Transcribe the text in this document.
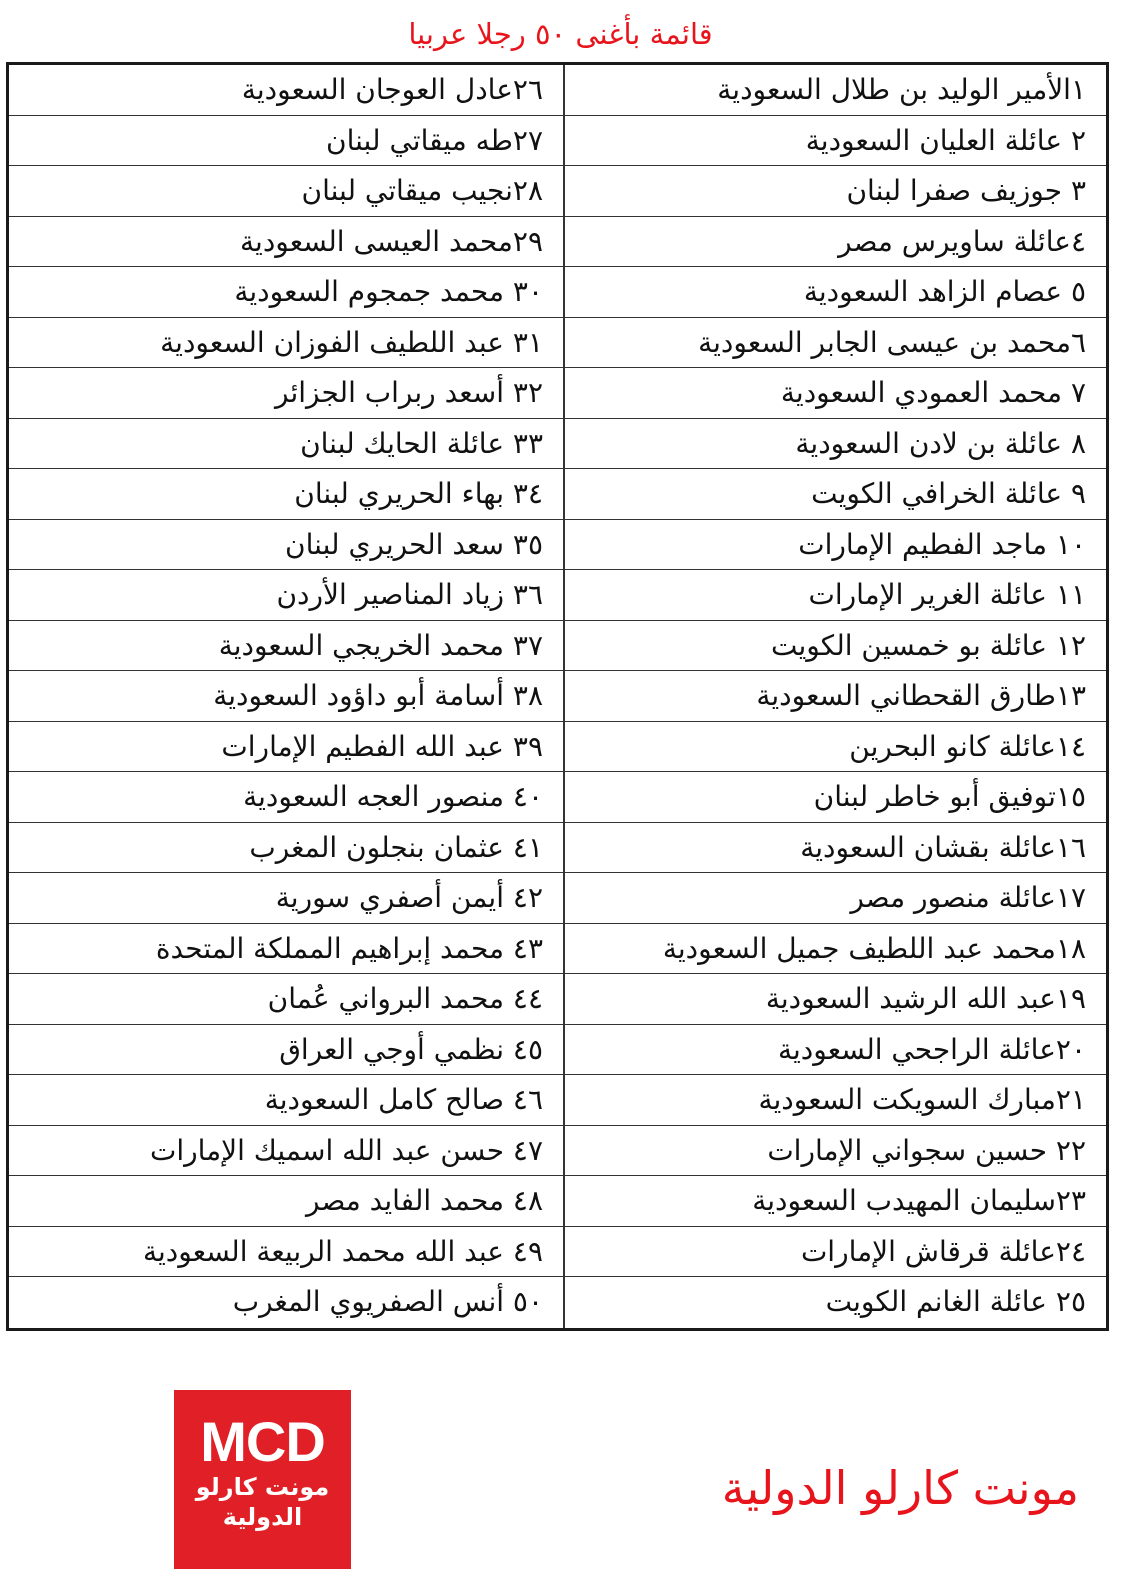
قائمة بأغنى ٥٠ رجلا عربيا
١الأمير الوليد بن طلال السعودية
٢٦عادل العوجان السعودية
٢ عائلة العليان السعودية
٢٧طه ميقاتي لبنان
٣ جوزيف صفرا لبنان
٢٨نجيب ميقاتي لبنان
٤عائلة ساويرس مصر
٢٩محمد العيسى السعودية
٥ عصام الزاهد السعودية
٣٠ محمد جمجوم السعودية
٦محمد بن عيسى الجابر السعودية
٣١ عبد اللطيف الفوزان السعودية
٧ محمد العمودي السعودية
٣٢ أسعد ربراب الجزائر
٨ عائلة بن لادن السعودية
٣٣ عائلة الحايك لبنان
٩ عائلة الخرافي الكويت
٣٤ بهاء الحريري لبنان
١٠ ماجد الفطيم الإمارات
٣٥ سعد الحريري لبنان
١١ عائلة الغرير الإمارات
٣٦ زياد المناصير الأردن
١٢ عائلة بو خمسين الكويت
٣٧ محمد الخريجي السعودية
١٣طارق القحطاني السعودية
٣٨ أسامة أبو داؤود السعودية
١٤عائلة كانو البحرين
٣٩ عبد الله الفطيم الإمارات
١٥توفيق أبو خاطر لبنان
٤٠ منصور العجه السعودية
١٦عائلة بقشان السعودية
٤١ عثمان بنجلون المغرب
١٧عائلة منصور مصر
٤٢ أيمن أصفري سورية
١٨محمد عبد اللطيف جميل السعودية
٤٣ محمد إبراهيم المملكة المتحدة
١٩عبد الله الرشيد السعودية
٤٤ محمد البرواني عُمان
٢٠عائلة الراجحي السعودية
٤٥ نظمي أوجي العراق
٢١مبارك السويكت السعودية
٤٦ صالح كامل السعودية
٢٢ حسين سجواني الإمارات
٤٧ حسن عبد الله اسميك الإمارات
٢٣سليمان المهيدب السعودية
٤٨ محمد الفايد مصر
٢٤عائلة قرقاش الإمارات
٤٩ عبد الله محمد الربيعة السعودية
٢٥ عائلة الغانم الكويت
٥٠ أنس الصفريوي المغرب
MCD
مونت كارلو
الدولية
مونت كارلو الدولية
